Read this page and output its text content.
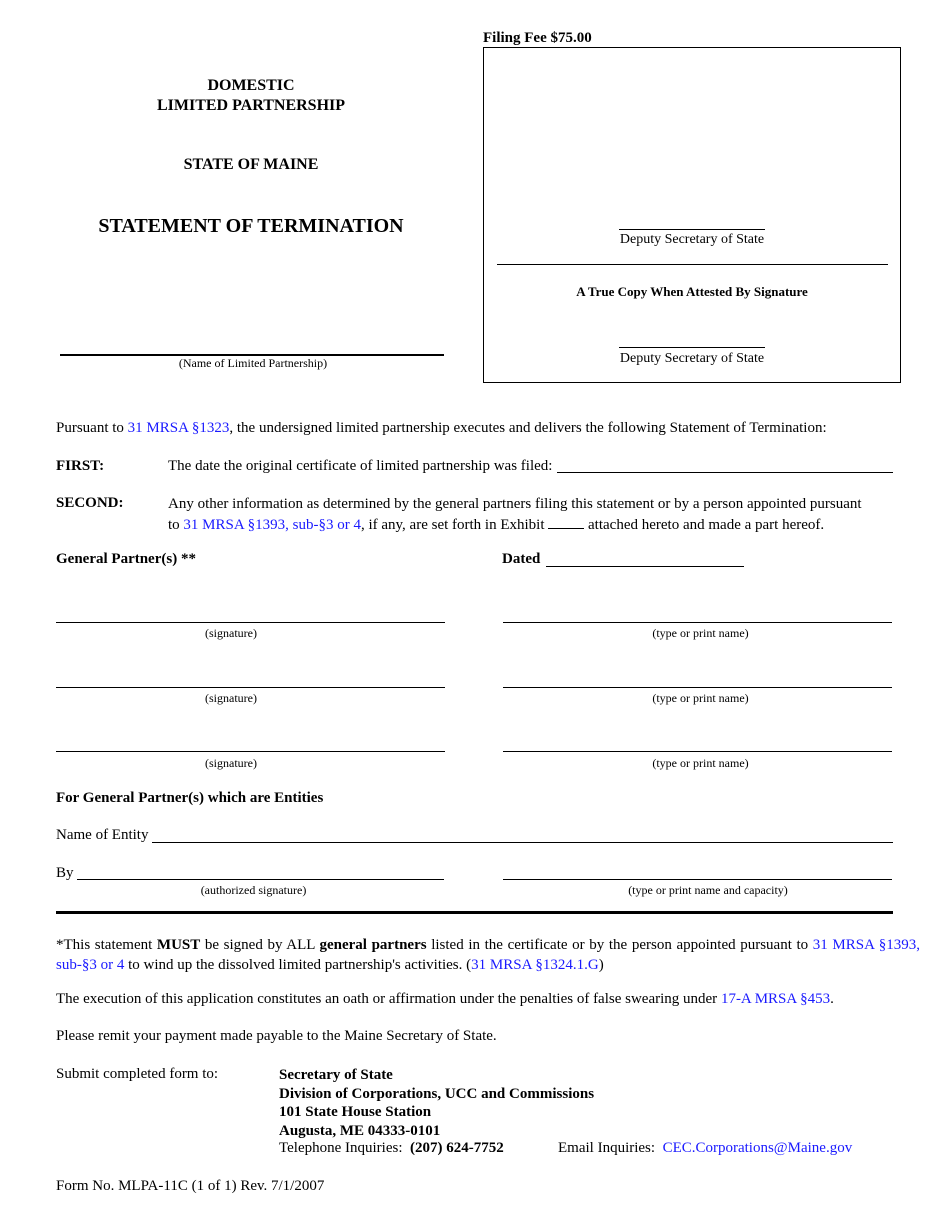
DOMESTIC
LIMITED PARTNERSHIP
STATE OF MAINE
STATEMENT OF TERMINATION
(Name of Limited Partnership)
Filing Fee $75.00
Deputy Secretary of State
A True Copy When Attested By Signature
Deputy Secretary of State
Pursuant to 31 MRSA §1323, the undersigned limited partnership executes and delivers the following Statement of Termination:
FIRST:	The date the original certificate of limited partnership was filed:
SECOND:	Any other information as determined by the general partners filing this statement or by a person appointed pursuant
to 31 MRSA §1393, sub-§3 or 4, if any, are set forth in Exhibit	attached hereto and made a part hereof.
General Partner(s) **	Dated
(signature)	(type or print name)
(signature)	(type or print name)
(signature)	(type or print name)
For General Partner(s) which are Entities
Name of Entity
By
(authorized signature)	(type or print name and capacity)
*This statement MUST be signed by ALL general partners listed in the certificate or by the person appointed pursuant to 31 MRSA §1393, sub-§3 or 4 to wind up the dissolved limited partnership's activities. (31 MRSA §1324.1.G)
The execution of this application constitutes an oath or affirmation under the penalties of false swearing under 17-A MRSA §453.
Please remit your payment made payable to the Maine Secretary of State.
Submit completed form to:	Secretary of State
Division of Corporations, UCC and Commissions
101 State House Station
Augusta, ME 04333-0101
Telephone Inquiries: (207) 624-7752	Email Inquiries: CEC.Corporations@Maine.gov
Form No. MLPA-11C (1 of 1) Rev. 7/1/2007
